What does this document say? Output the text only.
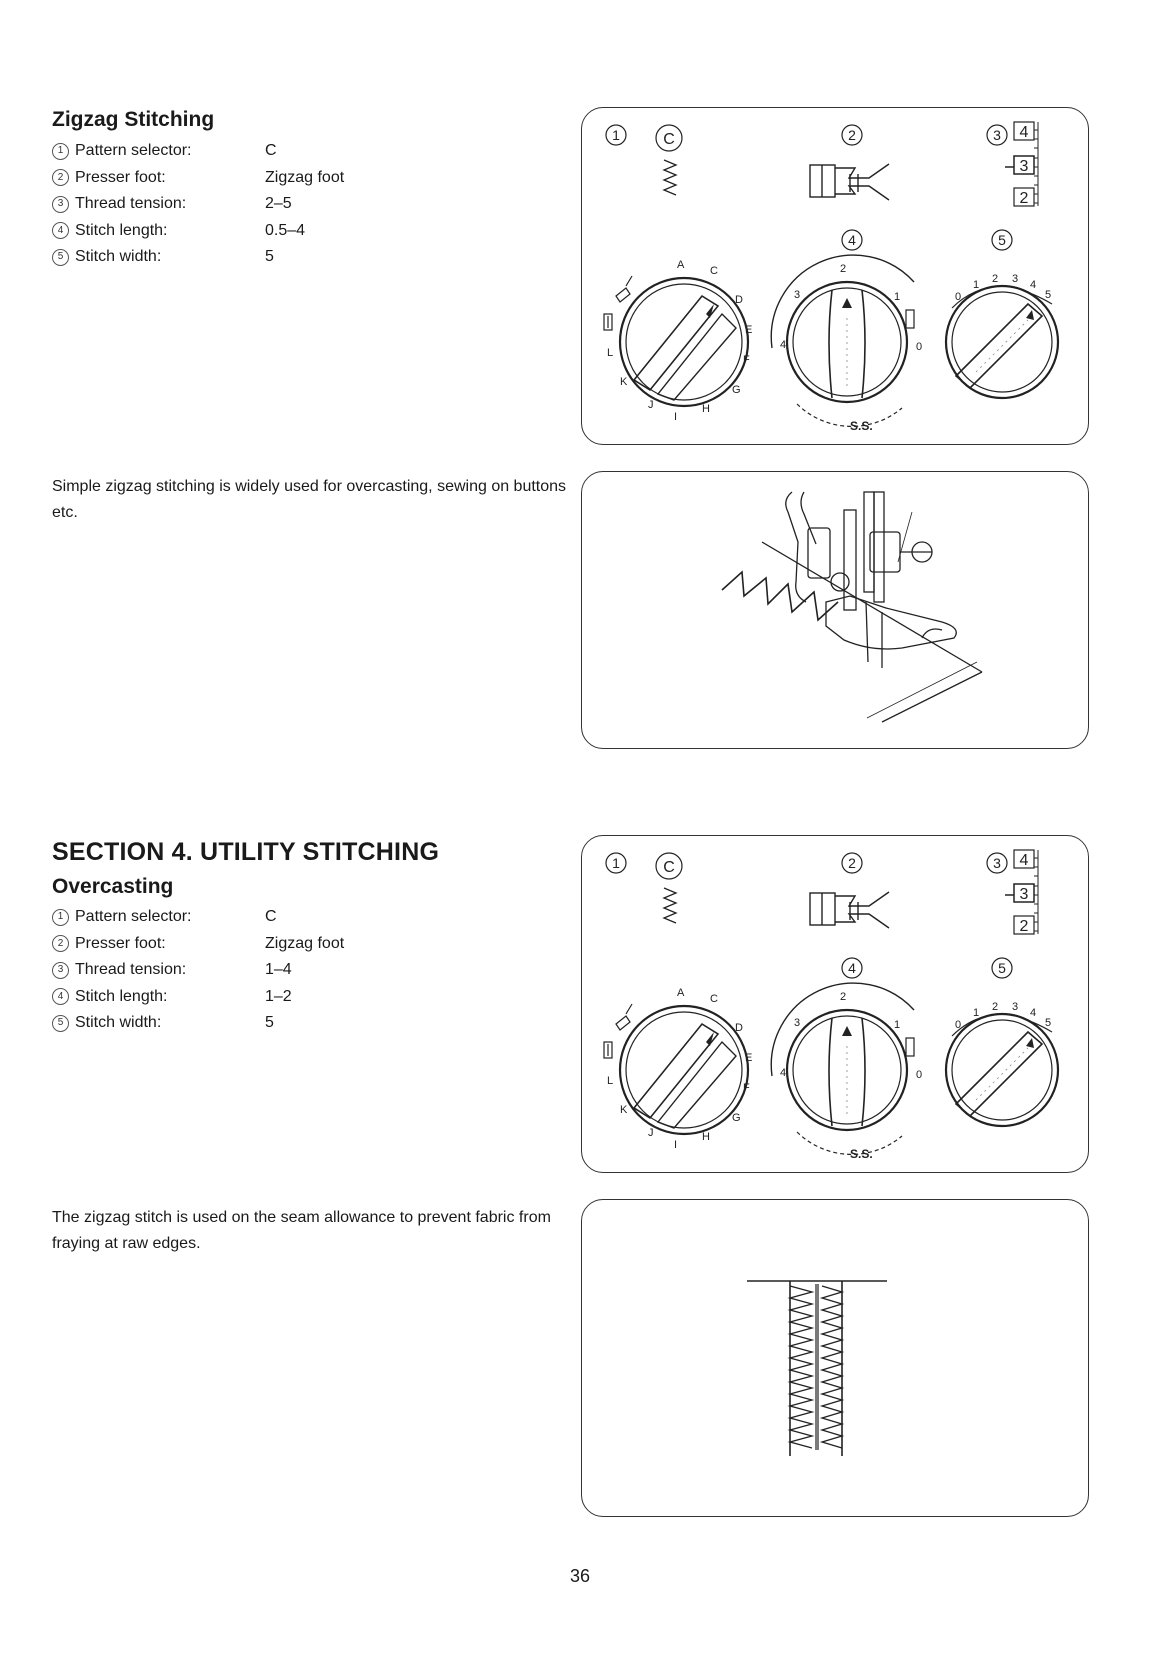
Zigzag Stitching
1 Pattern selector:	C
2 Presser foot:	Zigzag foot
3 Thread tension:	2–5
4 Stitch length:	0.5–4
5 Stitch width:	5
Simple zigzag stitching is widely used for overcasting, sewing on buttons etc.
SECTION 4. UTILITY STITCHING
Overcasting
1 Pattern selector:	C
2 Presser foot:	Zigzag foot
3 Thread tension:	1–4
4 Stitch length:	1–2
5 Stitch width:	5
The zigzag stitch is used on the seam allowance to prevent fabric from fraying at raw edges.
1	2	3
4	5
C	4
3
2
A C
D
E
F
G
H
I
J
K
L
2
3	1
4	0
S.S.
0
1 2 3 4
5
1	2	3
4	5
C	4
3
2
A C
D
E
F
G
H
I
J
K
L
2
3	1
4	0
S.S.
0
1 2 3 4
5
36
